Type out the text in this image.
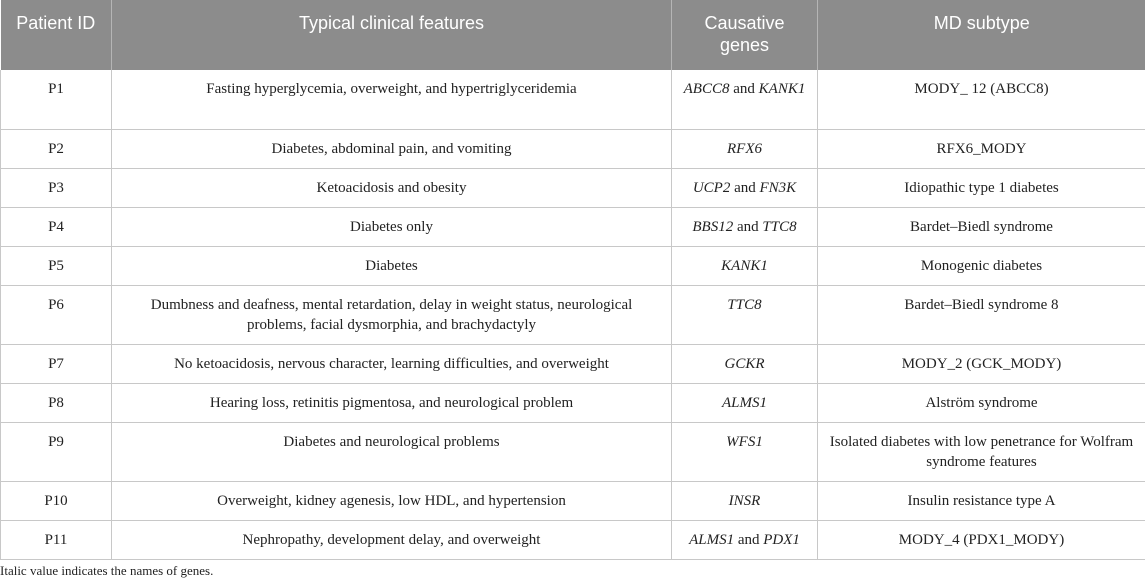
Patient ID	Typical clinical features	Causative genes	MD subtype

P1	Fasting hyperglycemia, overweight, and hypertriglyceridemia	ABCC8 and KANK1	MODY_ 12 (ABCC8)
P2	Diabetes, abdominal pain, and vomiting	RFX6	RFX6_MODY
P3	Ketoacidosis and obesity	UCP2 and FN3K	Idiopathic type 1 diabetes
P4	Diabetes only	BBS12 and TTC8	Bardet–Biedl syndrome
P5	Diabetes	KANK1	Monogenic diabetes
P6	Dumbness and deafness, mental retardation, delay in weight status, neurological problems, facial dysmorphia, and brachydactyly	TTC8	Bardet–Biedl syndrome 8
P7	No ketoacidosis, nervous character, learning difficulties, and overweight	GCKR	MODY_2 (GCK_MODY)
P8	Hearing loss, retinitis pigmentosa, and neurological problem	ALMS1	Alström syndrome
P9	Diabetes and neurological problems	WFS1	Isolated diabetes with low penetrance for Wolfram syndrome features
P10	Overweight, kidney agenesis, low HDL, and hypertension	INSR	Insulin resistance type A
P11	Nephropathy, development delay, and overweight	ALMS1 and PDX1	MODY_4 (PDX1_MODY)
Italic value indicates the names of genes.
